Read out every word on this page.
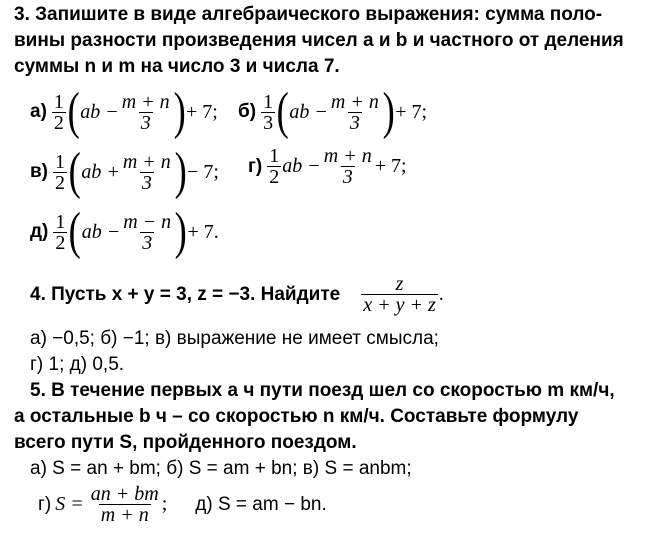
3. Запишите в виде алгебраического выражения: сумма поло-
вины разности произведения чисел a и b и частного от деления
суммы n и m на число 3 и числа 7.
$а) \frac{1}{2}$ ( ab − $\frac{m + n}{3}$ ) + 7; $б) \frac{1}{3}$ ( ab − $\frac{m + n}{3}$ ) + 7;
$в) \frac{1}{2}$ ( ab + $\frac{m + n}{3}$ ) − 7; $г) \frac{1}{2}$ ab − $\frac{m + n}{3} + 7$;
$д) \frac{1}{2}$ ( ab − $\frac{m - n}{3}$ ) + 7.
4. Пусть x + y = 3, z = −3. Найдите $\frac{z}{x + y + z}$ .
а) −0,5; б) −1; в) выражение не имеет смысла;
г) 1; д) 0,5.
5. В течение первых a ч пути поезд шел со скоростью m км/ч,
а остальные b ч – со скоростью n км/ч. Составьте формулу
всего пути S, пройденного поездом.
а) S = an + bm; б) S = am + bn; в) S = anbm;
г) $S = \frac{an + bm}{m + n}$ ; д) S = am − bn.
